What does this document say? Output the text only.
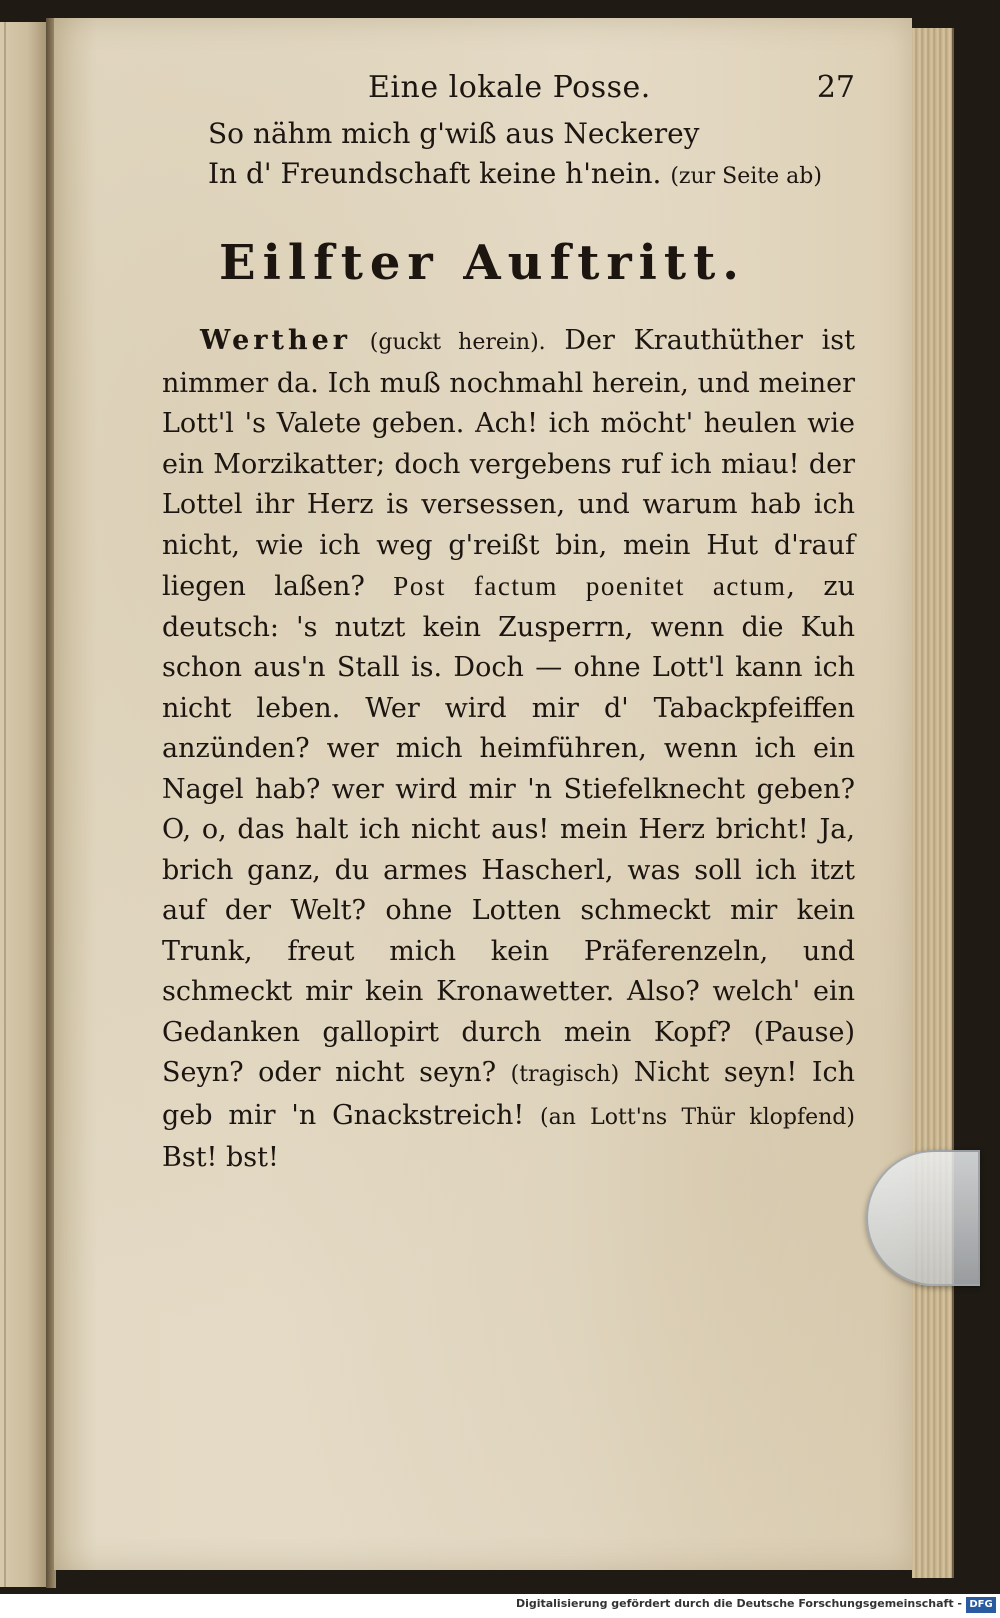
Eine lokale Posse.	27
So nähm mich g'wiß aus Neckerey
In d' Freundschaft keine h'nein. (zur Seite ab)
Eilfter Auftritt.

Werther (guckt herein). Der Krauthüther ist nimmer da. Ich muß nochmahl herein, und meiner Lott'l 's Valete geben. Ach! ich möcht' heulen wie ein Morzikatter; doch vergebens ruf ich miau! der Lottel ihr Herz is versessen, und warum hab ich nicht, wie ich weg g'reißt bin, mein Hut d'rauf liegen laßen? Post factum poenitet actum, zu deutsch: 's nutzt kein Zusperrn, wenn die Kuh schon aus'n Stall is. Doch — ohne Lott'l kann ich nicht leben. Wer wird mir d' Tabackpfeiffen anzünden? wer mich heimführen, wenn ich ein Nagel hab? wer wird mir 'n Stiefelknecht geben? O, o, das halt ich nicht aus! mein Herz bricht! Ja, brich ganz, du armes Hascherl, was soll ich itzt auf der Welt? ohne Lotten schmeckt mir kein Trunk, freut mich kein Präferenzeln, und schmeckt mir kein Kronawetter. Also? welch' ein Gedanken gallopirt durch mein Kopf? (Pause) Seyn? oder nicht seyn? (tragisch) Nicht seyn! Ich geb mir 'n Gnackstreich! (an Lott'ns Thür klopfend) Bst! bst!

Digitalisierung gefördert durch die Deutsche Forschungsgemeinschaft - DFG
